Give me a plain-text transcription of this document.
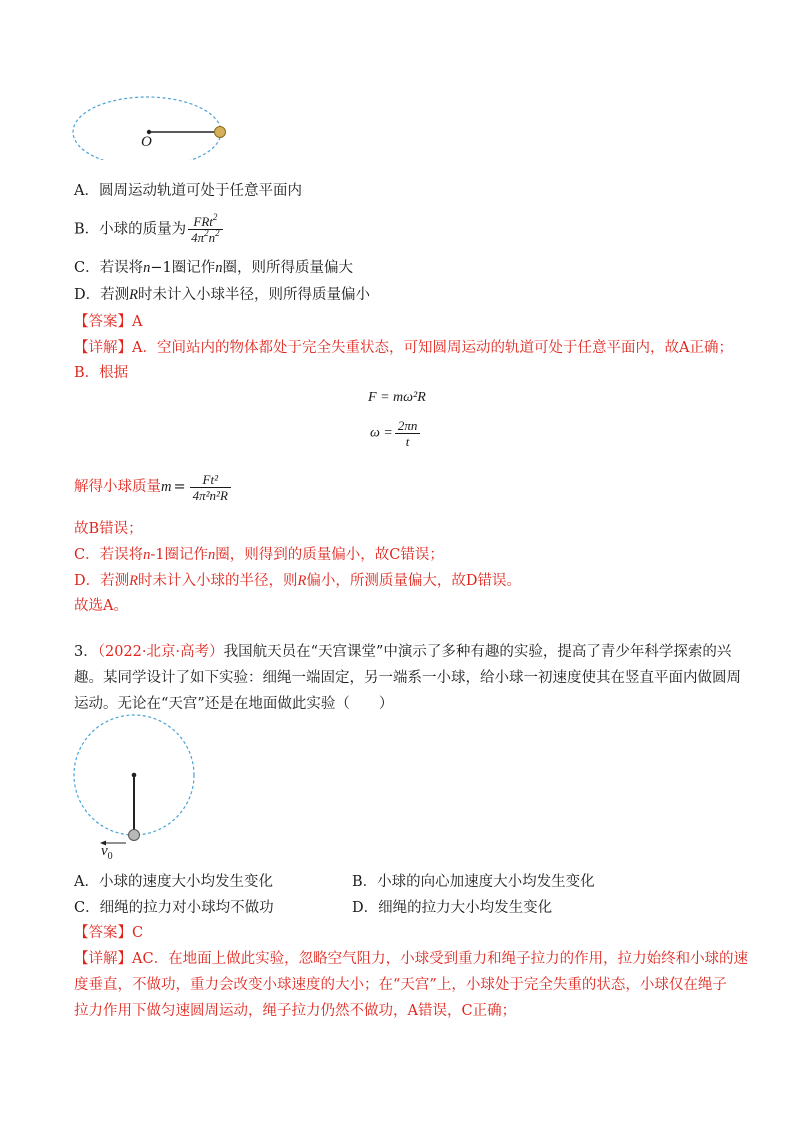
O
A．圆周运动轨道可处于任意平面内
B．小球的质量为 $\frac{FRt^2}{4\pi^2n^2}$
C．若误将n−1圈记作n圈，则所得质量偏大
D．若测R时未计入小球半径，则所得质量偏小
【答案】A
【详解】A．空间站内的物体都处于完全失重状态，可知圆周运动的轨道可处于任意平面内，故A正确；
B．根据
F = mω²R
$\omega = \frac{2\pi n}{t}$
解得小球质量$m = \frac{\text{Ft²}}{\text{4π²n²R}}$
故B错误；
C．若误将n-1圈记作n圈，则得到的质量偏小，故C错误；
D．若测R时未计入小球的半径，则R偏小，所测质量偏大，故D错误。
故选A。
3．（2022·北京·高考）我国航天员在“天宫课堂”中演示了多种有趣的实验，提高了青少年科学探索的兴
趣。某同学设计了如下实验：细绳一端固定，另一端系一小球，给小球一初速度使其在竖直平面内做圆周
运动。无论在“天宫”还是在地面做此实验（　　）
$v_0$
A．小球的速度大小均发生变化	B．小球的向心加速度大小均发生变化
C．细绳的拉力对小球均不做功	D．细绳的拉力大小均发生变化
【答案】C
【详解】AC．在地面上做此实验，忽略空气阻力，小球受到重力和绳子拉力的作用，拉力始终和小球的速
度垂直，不做功，重力会改变小球速度的大小；在“天宫”上，小球处于完全失重的状态，小球仅在绳子
拉力作用下做匀速圆周运动，绳子拉力仍然不做功，A错误，C正确；
